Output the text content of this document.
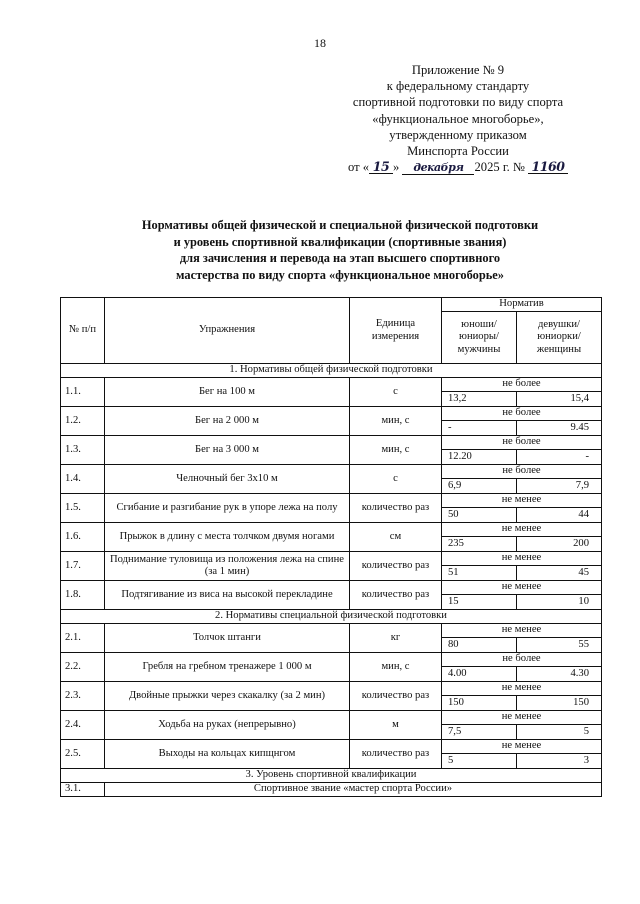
18
Приложение № 9
к федеральному стандарту
спортивной подготовки по виду спорта
«функциональное многоборье»,
утвержденному приказом
Минспорта России
от « 15 » декабря 2025 г. № 1160
Нормативы общей физической и специальной физической подготовки
и уровень спортивной квалификации (спортивные звания)
для зачисления и перевода на этап высшего спортивного
мастерства по виду спорта «функциональное многоборье»
№ п/п	Упражнения	Единица измерения	Норматив	
			юноши/ юниоры/ мужчины	девушки/ юниорки/ женщины
1. Нормативы общей физической подготовки				
1.1.	Бег на 100 м	с	не более	
			13,2	15,4
1.2.	Бег на 2 000 м	мин, с	не более	
			-	9.45
1.3.	Бег на 3 000 м	мин, с	не более	
			12.20	-
1.4.	Челночный бег 3x10 м	с	не более	
			6,9	7,9
1.5.	Сгибание и разгибание рук в упоре лежа на полу	количество раз	не менее	
			50	44
1.6.	Прыжок в длину с места толчком двумя ногами	см	не менее	
			235	200
1.7.	Поднимание туловища из положения лежа на спине (за 1 мин)	количество раз	не менее	
			51	45
1.8.	Подтягивание из виса на высокой перекладине	количество раз	не менее	
			15	10
2. Нормативы специальной физической подготовки				
2.1.	Толчок штанги	кг	не менее	
			80	55
2.2.	Гребля на гребном тренажере 1 000 м	мин, с	не более	
			4.00	4.30
2.3.	Двойные прыжки через скакалку (за 2 мин)	количество раз	не менее	
			150	150
2.4.	Ходьба на руках (непрерывно)	м	не менее	
			7,5	5
2.5.	Выходы на кольцах кипщнгом	количество раз	не менее	
			5	3
3. Уровень спортивной квалификации				
3.1.	Спортивное звание «мастер спорта России»			
